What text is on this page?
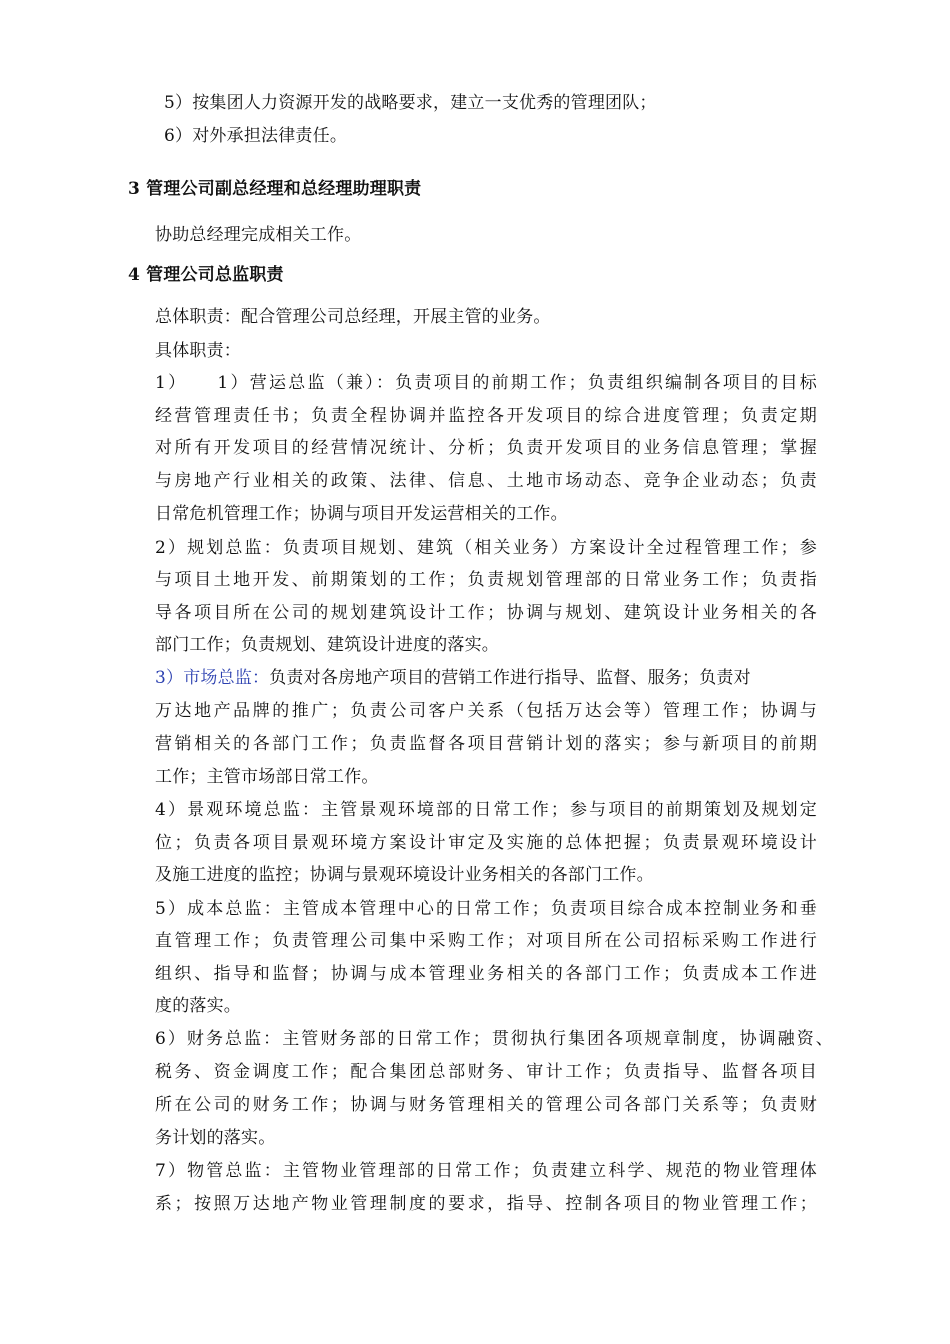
5）按集团人力资源开发的战略要求，建立一支优秀的管理团队；
6）对外承担法律责任。
3 管理公司副总经理和总经理助理职责
协助总经理完成相关工作。
4 管理公司总监职责
总体职责：配合管理公司总经理，开展主管的业务。
具体职责：
1）　　1）营运总监（兼）：负责项目的前期工作；负责组织编制各项目的目标
经营管理责任书；负责全程协调并监控各开发项目的综合进度管理；负责定期
对所有开发项目的经营情况统计、分析；负责开发项目的业务信息管理；掌握
与房地产行业相关的政策、法律、信息、土地市场动态、竞争企业动态；负责
日常危机管理工作；协调与项目开发运营相关的工作。
2）规划总监：负责项目规划、建筑（相关业务）方案设计全过程管理工作；参
与项目土地开发、前期策划的工作；负责规划管理部的日常业务工作；负责指
导各项目所在公司的规划建筑设计工作；协调与规划、建筑设计业务相关的各
部门工作；负责规划、建筑设计进度的落实。
3）市场总监：负责对各房地产项目的营销工作进行指导、监督、服务；负责对
万达地产品牌的推广；负责公司客户关系（包括万达会等）管理工作；协调与
营销相关的各部门工作；负责监督各项目营销计划的落实；参与新项目的前期
工作；主管市场部日常工作。
4）景观环境总监：主管景观环境部的日常工作；参与项目的前期策划及规划定
位；负责各项目景观环境方案设计审定及实施的总体把握；负责景观环境设计
及施工进度的监控；协调与景观环境设计业务相关的各部门工作。
5）成本总监：主管成本管理中心的日常工作；负责项目综合成本控制业务和垂
直管理工作；负责管理公司集中采购工作；对项目所在公司招标采购工作进行
组织、指导和监督；协调与成本管理业务相关的各部门工作；负责成本工作进
度的落实。
6）财务总监：主管财务部的日常工作；贯彻执行集团各项规章制度，协调融资、
税务、资金调度工作；配合集团总部财务、审计工作；负责指导、监督各项目
所在公司的财务工作；协调与财务管理相关的管理公司各部门关系等；负责财
务计划的落实。
7）物管总监：主管物业管理部的日常工作；负责建立科学、规范的物业管理体
系；按照万达地产物业管理制度的要求，指导、控制各项目的物业管理工作；
